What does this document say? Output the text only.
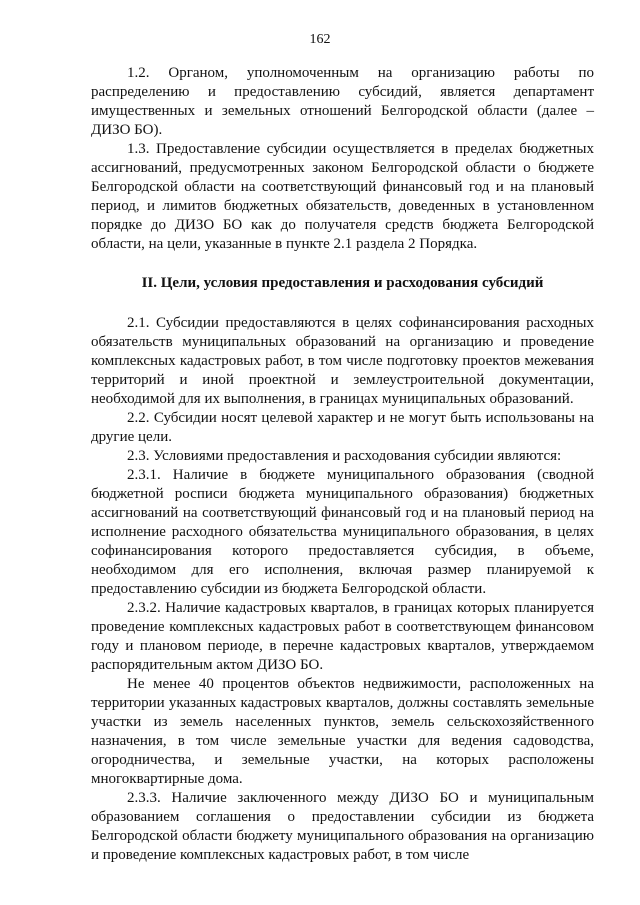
162

1.2. Органом, уполномоченным на организацию работы по распределению и предоставлению субсидий, является департамент имущественных и земельных отношений Белгородской области (далее – ДИЗО БО).

1.3. Предоставление субсидии осуществляется в пределах бюджетных ассигнований, предусмотренных законом Белгородской области о бюджете Белгородской области на соответствующий финансовый год и на плановый период, и лимитов бюджетных обязательств, доведенных в установленном порядке до ДИЗО БО как до получателя средств бюджета Белгородской области, на цели, указанные в пункте 2.1 раздела 2 Порядка.

II. Цели, условия предоставления и расходования субсидий

2.1. Субсидии предоставляются в целях софинансирования расходных обязательств муниципальных образований на организацию и проведение комплексных кадастровых работ, в том числе подготовку проектов межевания территорий и иной проектной и землеустроительной документации, необходимой для их выполнения, в границах муниципальных образований.

2.2. Субсидии носят целевой характер и не могут быть использованы на другие цели.

2.3. Условиями предоставления и расходования субсидии являются:

2.3.1. Наличие в бюджете муниципального образования (сводной бюджетной росписи бюджета муниципального образования) бюджетных ассигнований на соответствующий финансовый год и на плановый период на исполнение расходного обязательства муниципального образования, в целях софинансирования которого предоставляется субсидия, в объеме, необходимом для его исполнения, включая размер планируемой к предоставлению субсидии из бюджета Белгородской области.

2.3.2. Наличие кадастровых кварталов, в границах которых планируется проведение комплексных кадастровых работ в соответствующем финансовом году и плановом периоде, в перечне кадастровых кварталов, утверждаемом распорядительным актом ДИЗО БО.

Не менее 40 процентов объектов недвижимости, расположенных на территории указанных кадастровых кварталов, должны составлять земельные участки из земель населенных пунктов, земель сельскохозяйственного назначения, в том числе земельные участки для ведения садоводства, огородничества, и земельные участки, на которых расположены многоквартирные дома.

2.3.3. Наличие заключенного между ДИЗО БО и муниципальным образованием соглашения о предоставлении субсидии из бюджета Белгородской области бюджету муниципального образования на организацию и проведение комплексных кадастровых работ, в том числе
